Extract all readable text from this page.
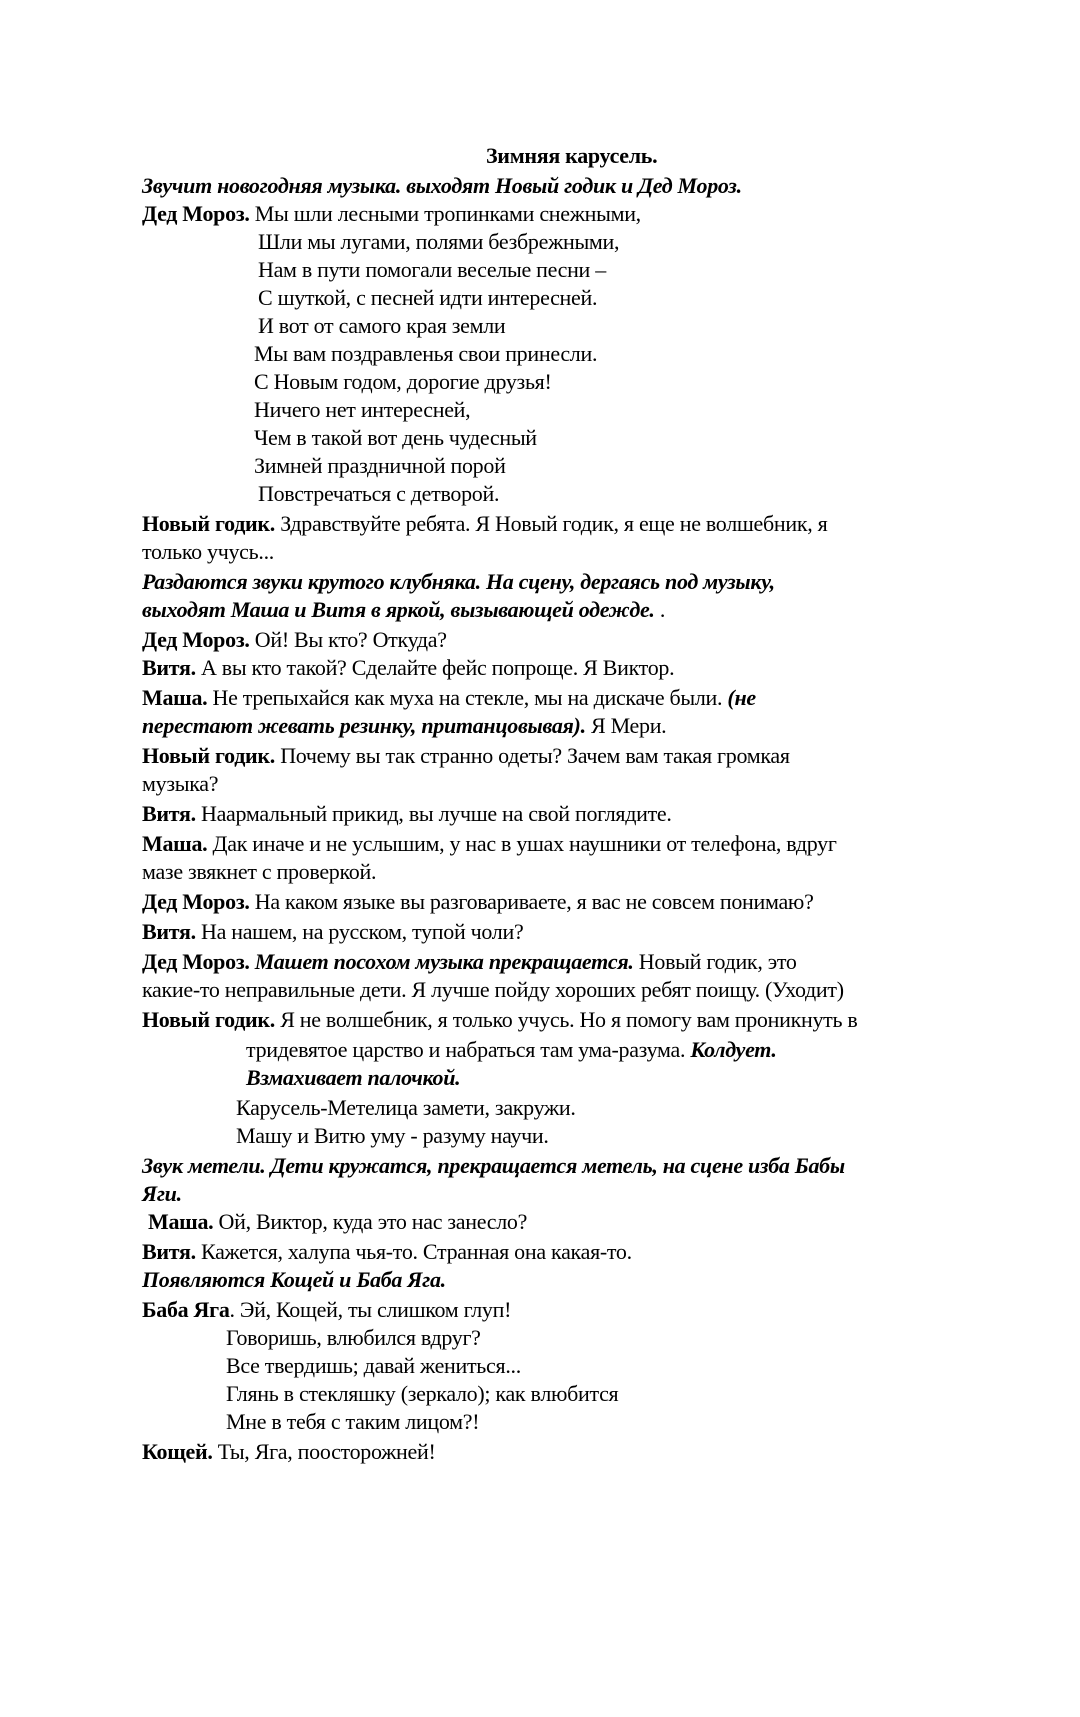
Зимняя карусель.
Звучит новогодняя музыка. выходят Новый годик и Дед Мороз.
Дед Мороз. Мы шли лесными тропинками снежными,
Шли мы лугами, полями безбрежными,
Нам в пути помогали веселые песни –
С шуткой, с песней идти интересней.
И вот от самого края земли
Мы вам поздравленья свои принесли.
С Новым годом, дорогие друзья!
Ничего нет интересней,
Чем в такой вот день чудесный
Зимней праздничной порой
Повстречаться с детворой.
Новый годик. Здравствуйте ребята. Я Новый годик, я еще не волшебник, я
только учусь...
Раздаются звуки крутого клубняка. На сцену, дергаясь под музыку,
выходят Маша и Витя в яркой, вызывающей одежде. .
Дед Мороз. Ой! Вы кто? Откуда?
Витя. А вы кто такой? Сделайте фейс попроще. Я Виктор.
Маша. Не трепыхайся как муха на стекле, мы на дискаче были. (не
перестают жевать резинку, пританцовывая). Я Мери.
Новый годик. Почему вы так странно одеты? Зачем вам такая громкая
музыка?
Витя. Наармальный прикид, вы лучше на свой поглядите.
Маша. Дак иначе и не услышим, у нас в ушах наушники от телефона, вдруг
мазе звякнет с проверкой.
Дед Мороз. На каком языке вы разговариваете, я вас не совсем понимаю?
Витя. На нашем, на русском, тупой чоли?
Дед Мороз. Машет посохом музыка прекращается. Новый годик, это
какие-то неправильные дети. Я лучше пойду хороших ребят поищу. (Уходит)
Новый годик. Я не волшебник, я только учусь. Но я помогу вам проникнуть в
тридевятое царство и набраться там ума-разума. Колдует.
Взмахивает палочкой.
Карусель-Метелица замети, закружи.
Машу и Витю уму - разуму научи.
Звук метели. Дети кружатся, прекращается метель, на сцене изба Бабы
Яги.
Маша. Ой, Виктор, куда это нас занесло?
Витя. Кажется, халупа чья-то. Странная она какая-то.
Появляются Кощей и Баба Яга.
Баба Яга. Эй, Кощей, ты слишком глуп!
Говоришь, влюбился вдруг?
Все твердишь; давай жениться...
Глянь в стекляшку (зеркало); как влюбится
Мне в тебя с таким лицом?!
Кощей. Ты, Яга, поосторожней!
